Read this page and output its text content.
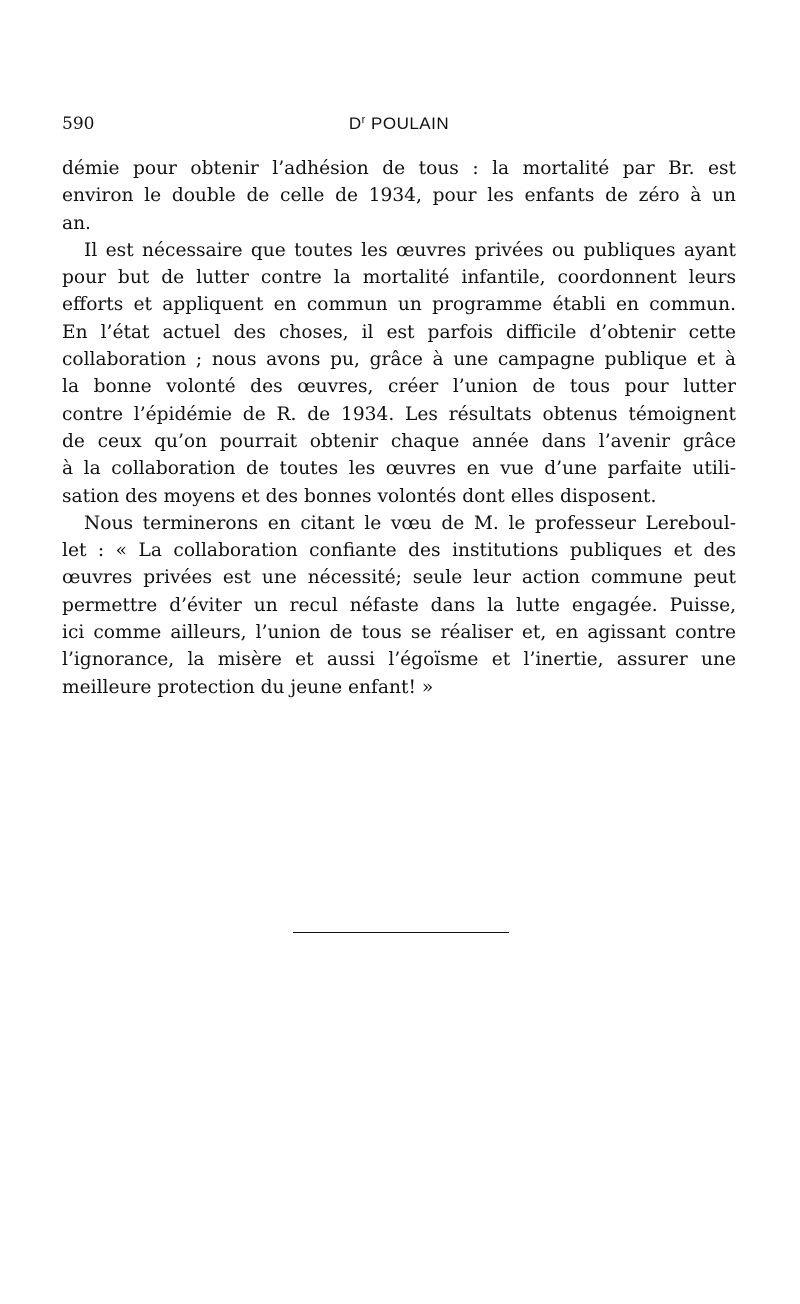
590	$D^r$ POULAIN
démie pour obtenir l’adhésion de tous : la mortalité par Br. est
environ le double de celle de 1934, pour les enfants de zéro à un
an.
Il est nécessaire que toutes les œuvres privées ou publiques ayant
pour but de lutter contre la mortalité infantile, coordonnent leurs
efforts et appliquent en commun un programme établi en commun.
En l’état actuel des choses, il est parfois difficile d’obtenir cette
collaboration ; nous avons pu, grâce à une campagne publique et à
la bonne volonté des œuvres, créer l’union de tous pour lutter
contre l’épidémie de R. de 1934. Les résultats obtenus témoignent
de ceux qu’on pourrait obtenir chaque année dans l’avenir grâce
à la collaboration de toutes les œuvres en vue d’une parfaite utili-
sation des moyens et des bonnes volontés dont elles disposent.
Nous terminerons en citant le vœu de M. le professeur Lereboul-
let : « La collaboration confiante des institutions publiques et des
œuvres privées est une nécessité; seule leur action commune peut
permettre d’éviter un recul néfaste dans la lutte engagée. Puisse,
ici comme ailleurs, l’union de tous se réaliser et, en agissant contre
l’ignorance, la misère et aussi l’égoïsme et l’inertie, assurer une
meilleure protection du jeune enfant! »
